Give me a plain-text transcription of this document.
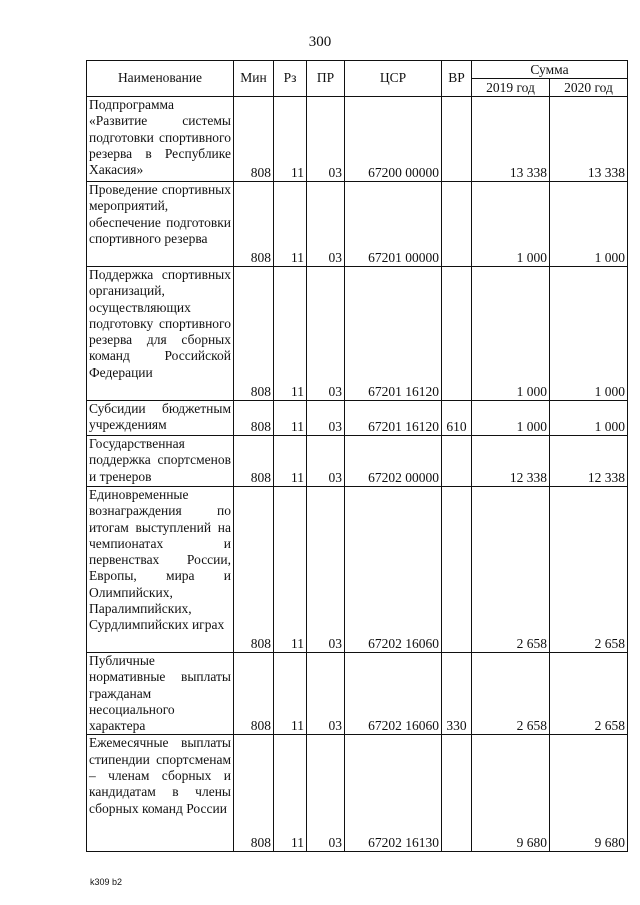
300
Наименование	Мин	Рз	ПР	ЦСР	ВР	Сумма	
						2019 год	2020 год
Подпрограмма «Развитие системы подготовки спортивного резерва в Республике Хакасия»	808	11	03	67200 00000		13 338	13 338
Проведение спортивных мероприятий, обеспечение подготовки спортивного резерва	808	11	03	67201 00000		1 000	1 000
Поддержка спортивных организаций, осуществляющих подготовку спортивного резерва для сборных команд Российской Федерации	808	11	03	67201 16120		1 000	1 000
Субсидии бюджетным учреждениям	808	11	03	67201 16120	610	1 000	1 000
Государственная поддержка спортсменов и тренеров	808	11	03	67202 00000		12 338	12 338
Единовременные вознаграждения по итогам выступлений на чемпионатах и первенствах России, Европы, мира и Олимпийских, Паралимпийских, Сурдлимпийских играх	808	11	03	67202 16060		2 658	2 658
Публичные нормативные выплаты гражданам несоциального характера	808	11	03	67202 16060	330	2 658	2 658
Ежемесячные выплаты стипендии спортсменам – членам сборных и кандидатам в члены сборных команд России	808	11	03	67202 16130		9 680	9 680
k309 b2
